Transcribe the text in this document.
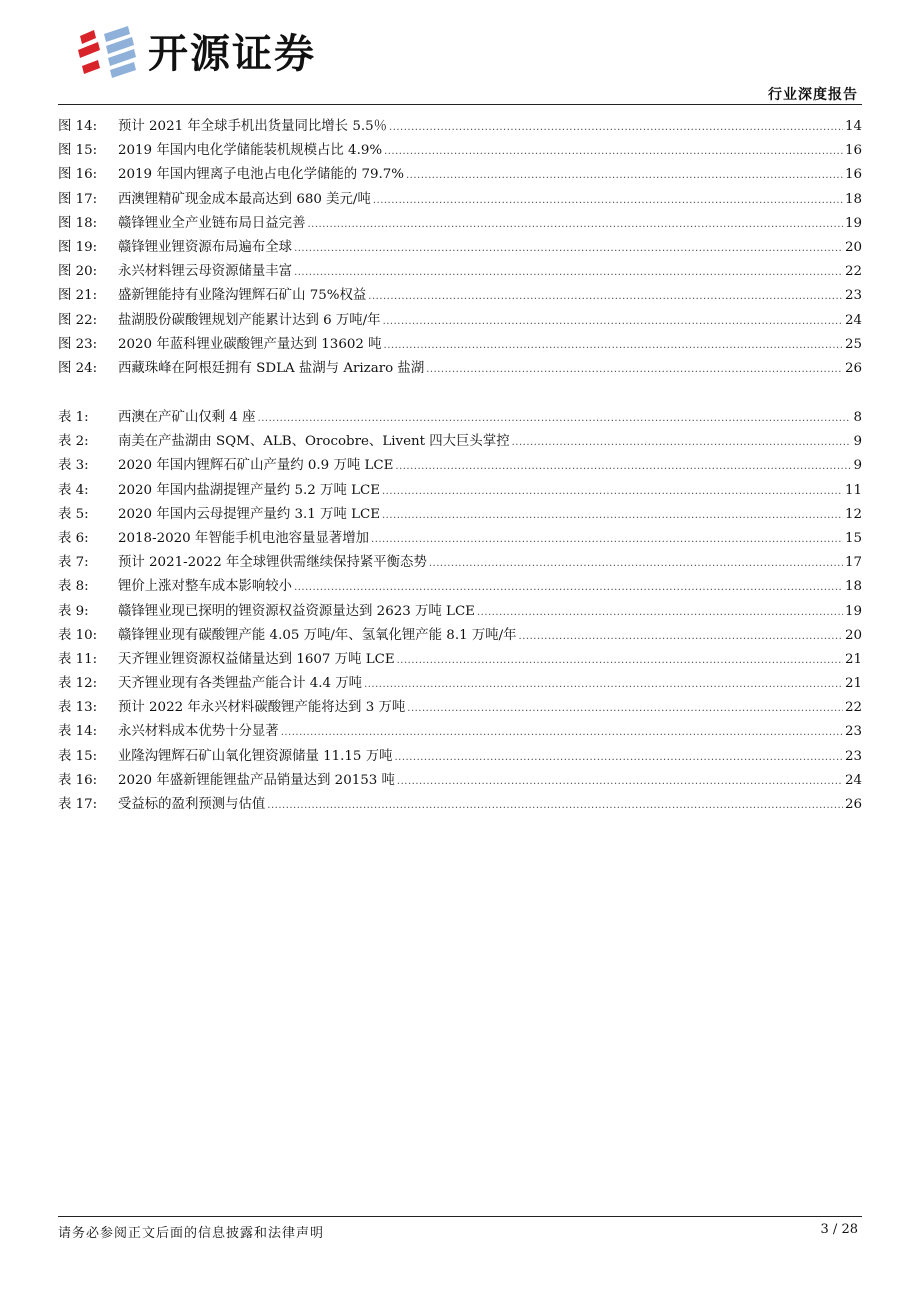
开源证券
行业深度报告
图 14:	预计 2021 年全球手机出货量同比增长 5.5％ .....	14
图 15:	2019 年国内电化学储能装机规模占比 4.9% .....	16
图 16:	2019 年国内锂离子电池占电化学储能的 79.7% .....	16
图 17:	西澳锂精矿现金成本最高达到 680 美元/吨 .....	18
图 18:	赣锋锂业全产业链布局日益完善 .....	19
图 19:	赣锋锂业锂资源布局遍布全球 .....	20
图 20:	永兴材料锂云母资源储量丰富 .....	22
图 21:	盛新锂能持有业隆沟锂辉石矿山 75%权益 .....	23
图 22:	盐湖股份碳酸锂规划产能累计达到 6 万吨/年 .....	24
图 23:	2020 年蓝科锂业碳酸锂产量达到 13602 吨 .....	25
图 24:	西藏珠峰在阿根廷拥有 SDLA 盐湖与 Arizaro 盐湖 .....	26
表 1:	西澳在产矿山仅剩 4 座 .....	8
表 2:	南美在产盐湖由 SQM、ALB、Orocobre、Livent 四大巨头掌控 .....	9
表 3:	2020 年国内锂辉石矿山产量约 0.9 万吨 LCE .....	9
表 4:	2020 年国内盐湖提锂产量约 5.2 万吨 LCE .....	11
表 5:	2020 年国内云母提锂产量约 3.1 万吨 LCE .....	12
表 6:	2018-2020 年智能手机电池容量显著增加 .....	15
表 7:	预计 2021-2022 年全球锂供需继续保持紧平衡态势 .....	17
表 8:	锂价上涨对整车成本影响较小 .....	18
表 9:	赣锋锂业现已探明的锂资源权益资源量达到 2623 万吨 LCE .....	19
表 10:	赣锋锂业现有碳酸锂产能 4.05 万吨/年、氢氧化锂产能 8.1 万吨/年 .....	20
表 11:	天齐锂业锂资源权益储量达到 1607 万吨 LCE .....	21
表 12:	天齐锂业现有各类锂盐产能合计 4.4 万吨 .....	21
表 13:	预计 2022 年永兴材料碳酸锂产能将达到 3 万吨 .....	22
表 14:	永兴材料成本优势十分显著 .....	23
表 15:	业隆沟锂辉石矿山氧化锂资源储量 11.15 万吨 .....	23
表 16:	2020 年盛新锂能锂盐产品销量达到 20153 吨 .....	24
表 17:	受益标的盈利预测与估值 .....	26
请务必参阅正文后面的信息披露和法律声明	3 / 28
